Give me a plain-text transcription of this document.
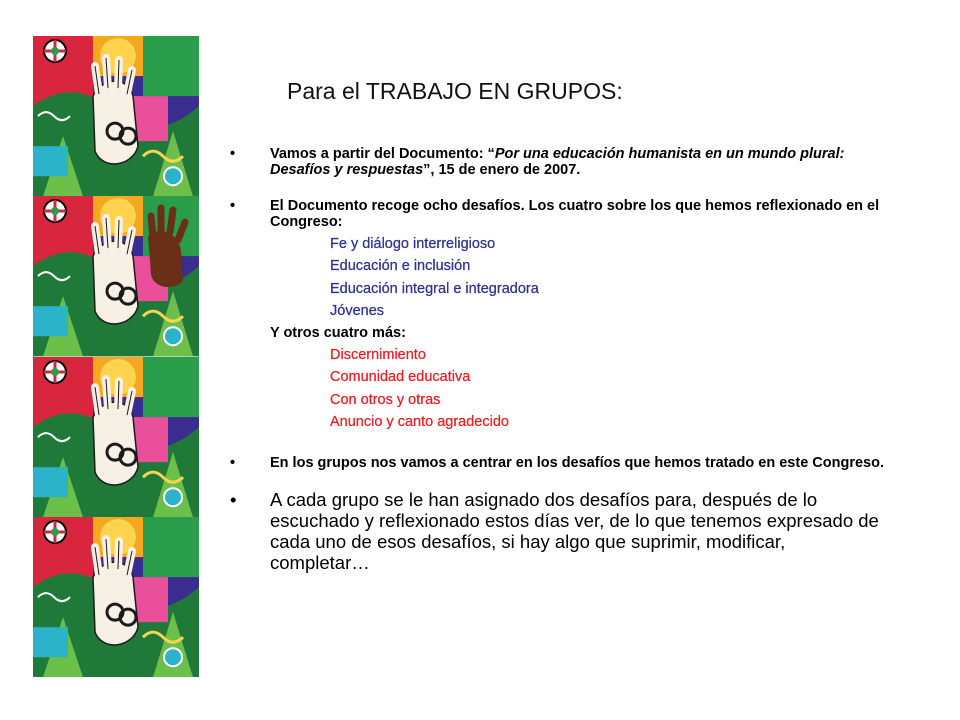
Para el TRABAJO EN GRUPOS:
• Vamos a partir del Documento: “Por una educación humanista en un mundo plural: Desafíos y respuestas”, 15 de enero de 2007.
• El Documento recoge ocho desafíos. Los cuatro sobre los que hemos reflexionado en el Congreso:
Fe y diálogo interreligioso
Educación e inclusión
Educación integral e integradora
Jóvenes
Y otros cuatro más:
Discernimiento
Comunidad educativa
Con otros y otras
Anuncio y canto agradecido
• En los grupos nos vamos a centrar en los desafíos que hemos tratado en este Congreso.
• A cada grupo se le han asignado dos desafíos para, después de lo escuchado y reflexionado estos días ver, de lo que tenemos expresado de cada uno de esos desafíos, si hay algo que suprimir, modificar, completar…
